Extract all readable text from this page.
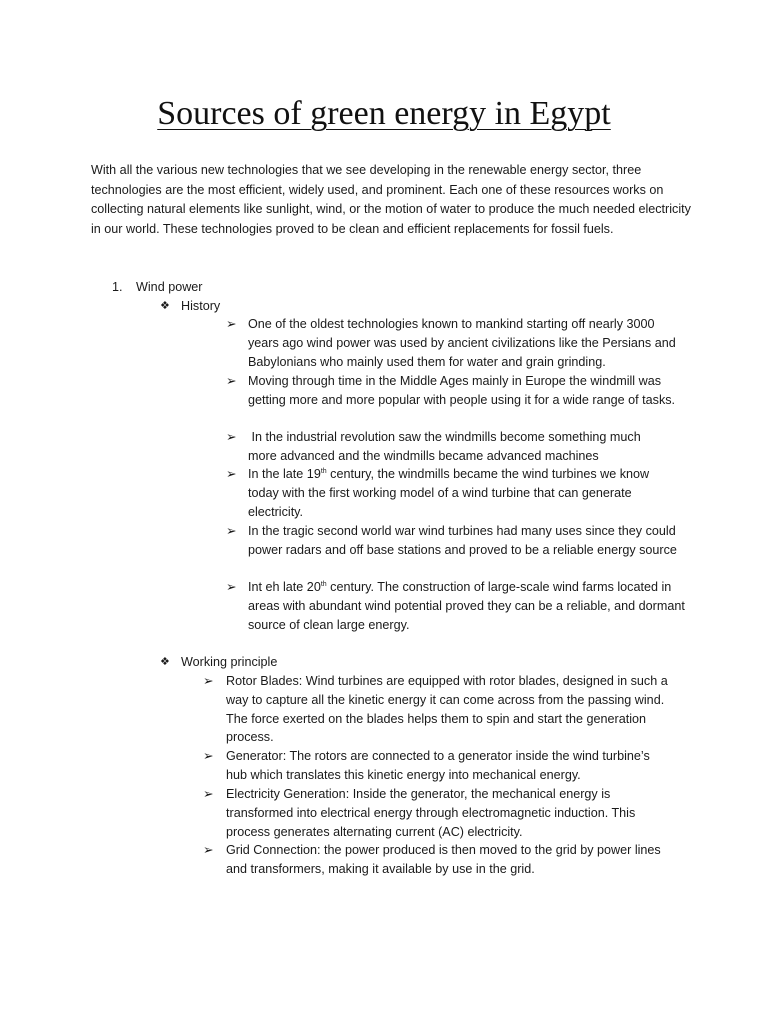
Sources of green energy in Egypt

With all the various new technologies that we see developing in the renewable energy sector, three technologies are the most efficient, widely used, and prominent. Each one of these resources works on collecting natural elements like sunlight, wind, or the motion of water to produce the much needed electricity in our world. These technologies proved to be clean and efficient replacements for fossil fuels.

1. Wind power
❖ History
➢ One of the oldest technologies known to mankind starting off nearly 3000 years ago wind power was used by ancient civilizations like the Persians and Babylonians who mainly used them for water and grain grinding.

➢ Moving through time in the Middle Ages mainly in Europe the windmill was getting more and more popular with people using it for a wide range of tasks.

➢ In the industrial revolution saw the windmills become something much more advanced and the windmills became advanced machines

➢ In the late 19th century, the windmills became the wind turbines we know today with the first working model of a wind turbine that can generate electricity.

➢ In the tragic second world war wind turbines had many uses since they could power radars and off base stations and proved to be a reliable energy source

➢ Int eh late 20th century. The construction of large-scale wind farms located in areas with abundant wind potential proved they can be a reliable, and dormant source of clean large energy.

❖ Working principle
➢ Rotor Blades: Wind turbines are equipped with rotor blades, designed in such a way to capture all the kinetic energy it can come across from the passing wind. The force exerted on the blades helps them to spin and start the generation process.

➢ Generator: The rotors are connected to a generator inside the wind turbine’s hub which translates this kinetic energy into mechanical energy.

➢ Electricity Generation: Inside the generator, the mechanical energy is transformed into electrical energy through electromagnetic induction. This process generates alternating current (AC) electricity.

➢ Grid Connection: the power produced is then moved to the grid by power lines and transformers, making it available by use in the grid.
